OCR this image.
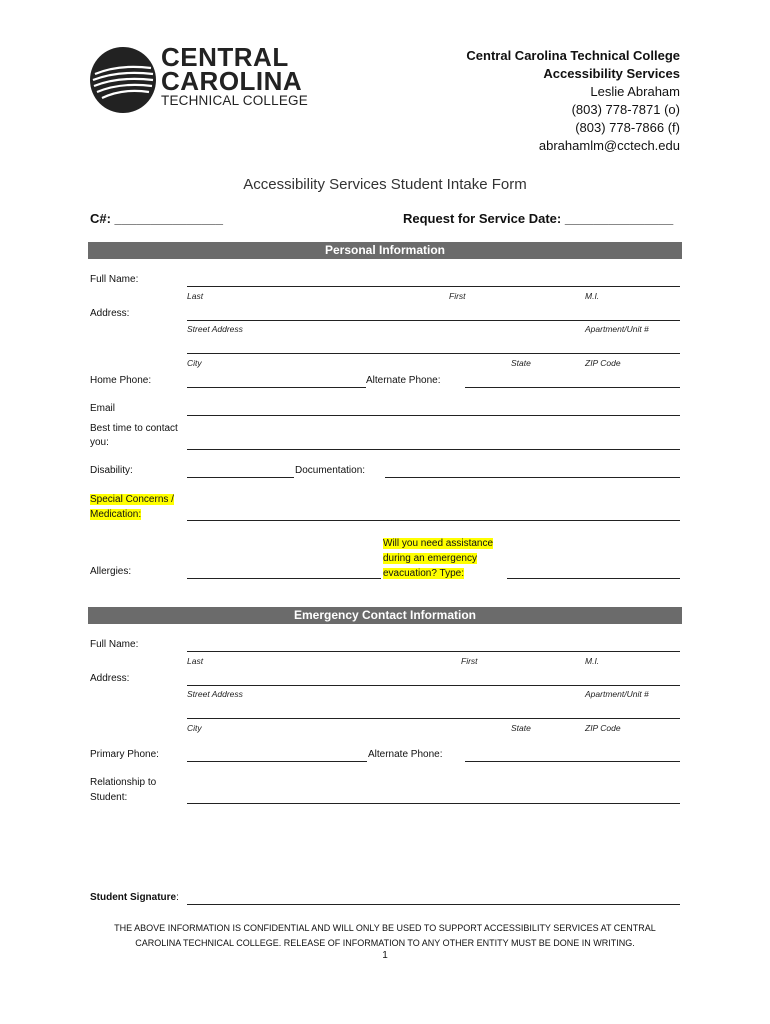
CENTRAL
CAROLINA
TECHNICAL COLLEGE
Central Carolina Technical College
Accessibility Services
Leslie Abraham
(803) 778-7871 (o)
(803) 778-7866 (f)
abrahamlm@cctech.edu
Accessibility Services Student Intake Form
C#: _______________	Request for Service Date: _______________
Personal Information
Full Name:
Last	First	M.I.
Address:
Street Address	Apartment/Unit #
City	State	ZIP Code
Home Phone:	Alternate Phone:
Email
Best time to contact
you:
Disability:	Documentation:
Special Concerns /
Medication:
Will you need assistance
during an emergency
evacuation? Type:
Allergies:
Emergency Contact Information
Full Name:
Last	First	M.I.
Address:
Street Address	Apartment/Unit #
City	State	ZIP Code
Primary Phone:	Alternate Phone:
Relationship to
Student:
Student Signature:
THE ABOVE INFORMATION IS CONFIDENTIAL AND WILL ONLY BE USED TO SUPPORT ACCESSIBILITY SERVICES AT CENTRAL
CAROLINA TECHNICAL COLLEGE. RELEASE OF INFORMATION TO ANY OTHER ENTITY MUST BE DONE IN WRITING.
1
